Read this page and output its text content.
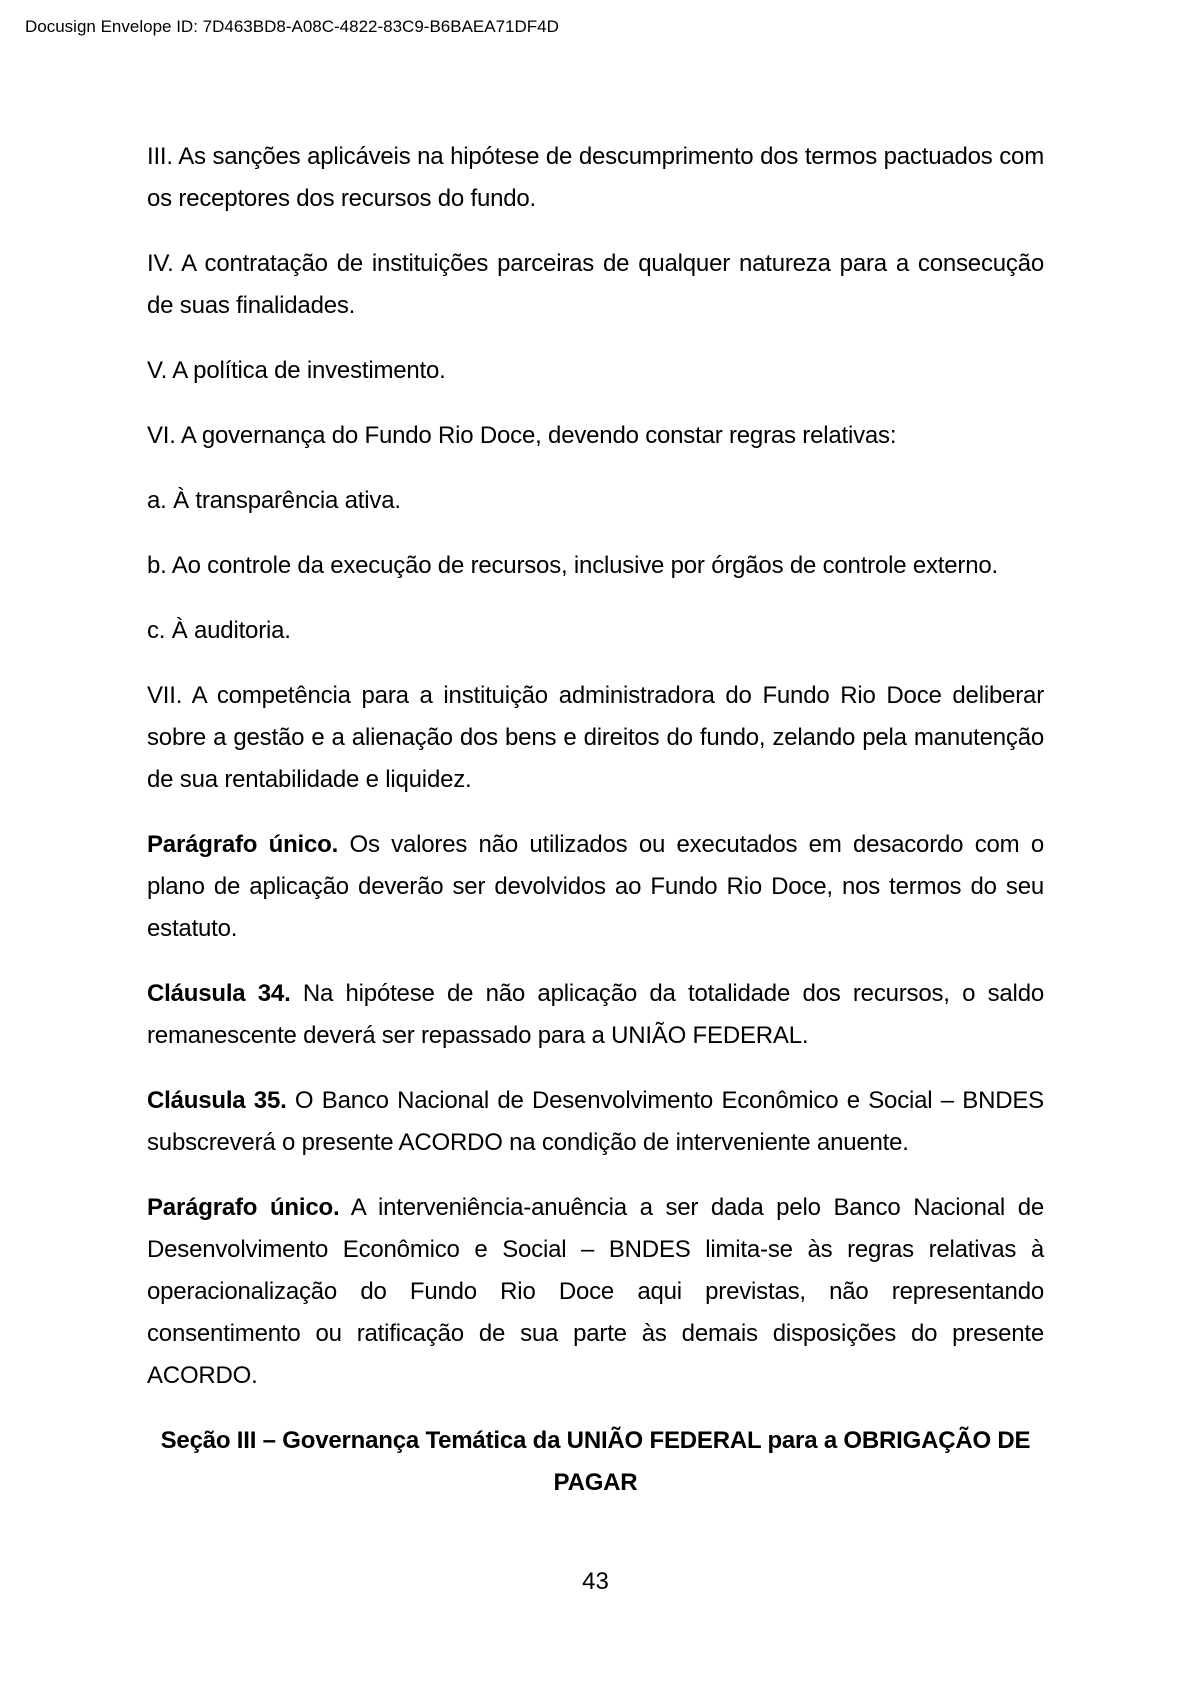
Docusign Envelope ID: 7D463BD8-A08C-4822-83C9-B6BAEA71DF4D

III. As sanções aplicáveis na hipótese de descumprimento dos termos pactuados com os receptores dos recursos do fundo.

IV. A contratação de instituições parceiras de qualquer natureza para a consecução de suas finalidades.

V. A política de investimento.

VI. A governança do Fundo Rio Doce, devendo constar regras relativas:

a. À transparência ativa.

b. Ao controle da execução de recursos, inclusive por órgãos de controle externo.

c. À auditoria.

VII. A competência para a instituição administradora do Fundo Rio Doce deliberar sobre a gestão e a alienação dos bens e direitos do fundo, zelando pela manutenção de sua rentabilidade e liquidez.

Parágrafo único. Os valores não utilizados ou executados em desacordo com o plano de aplicação deverão ser devolvidos ao Fundo Rio Doce, nos termos do seu estatuto.

Cláusula 34. Na hipótese de não aplicação da totalidade dos recursos, o saldo remanescente deverá ser repassado para a UNIÃO FEDERAL.

Cláusula 35. O Banco Nacional de Desenvolvimento Econômico e Social – BNDES subscreverá o presente ACORDO na condição de interveniente anuente.

Parágrafo único. A interveniência-anuência a ser dada pelo Banco Nacional de Desenvolvimento Econômico e Social – BNDES limita-se às regras relativas à operacionalização do Fundo Rio Doce aqui previstas, não representando consentimento ou ratificação de sua parte às demais disposições do presente ACORDO.

Seção III – Governança Temática da UNIÃO FEDERAL para a OBRIGAÇÃO DE PAGAR

43
